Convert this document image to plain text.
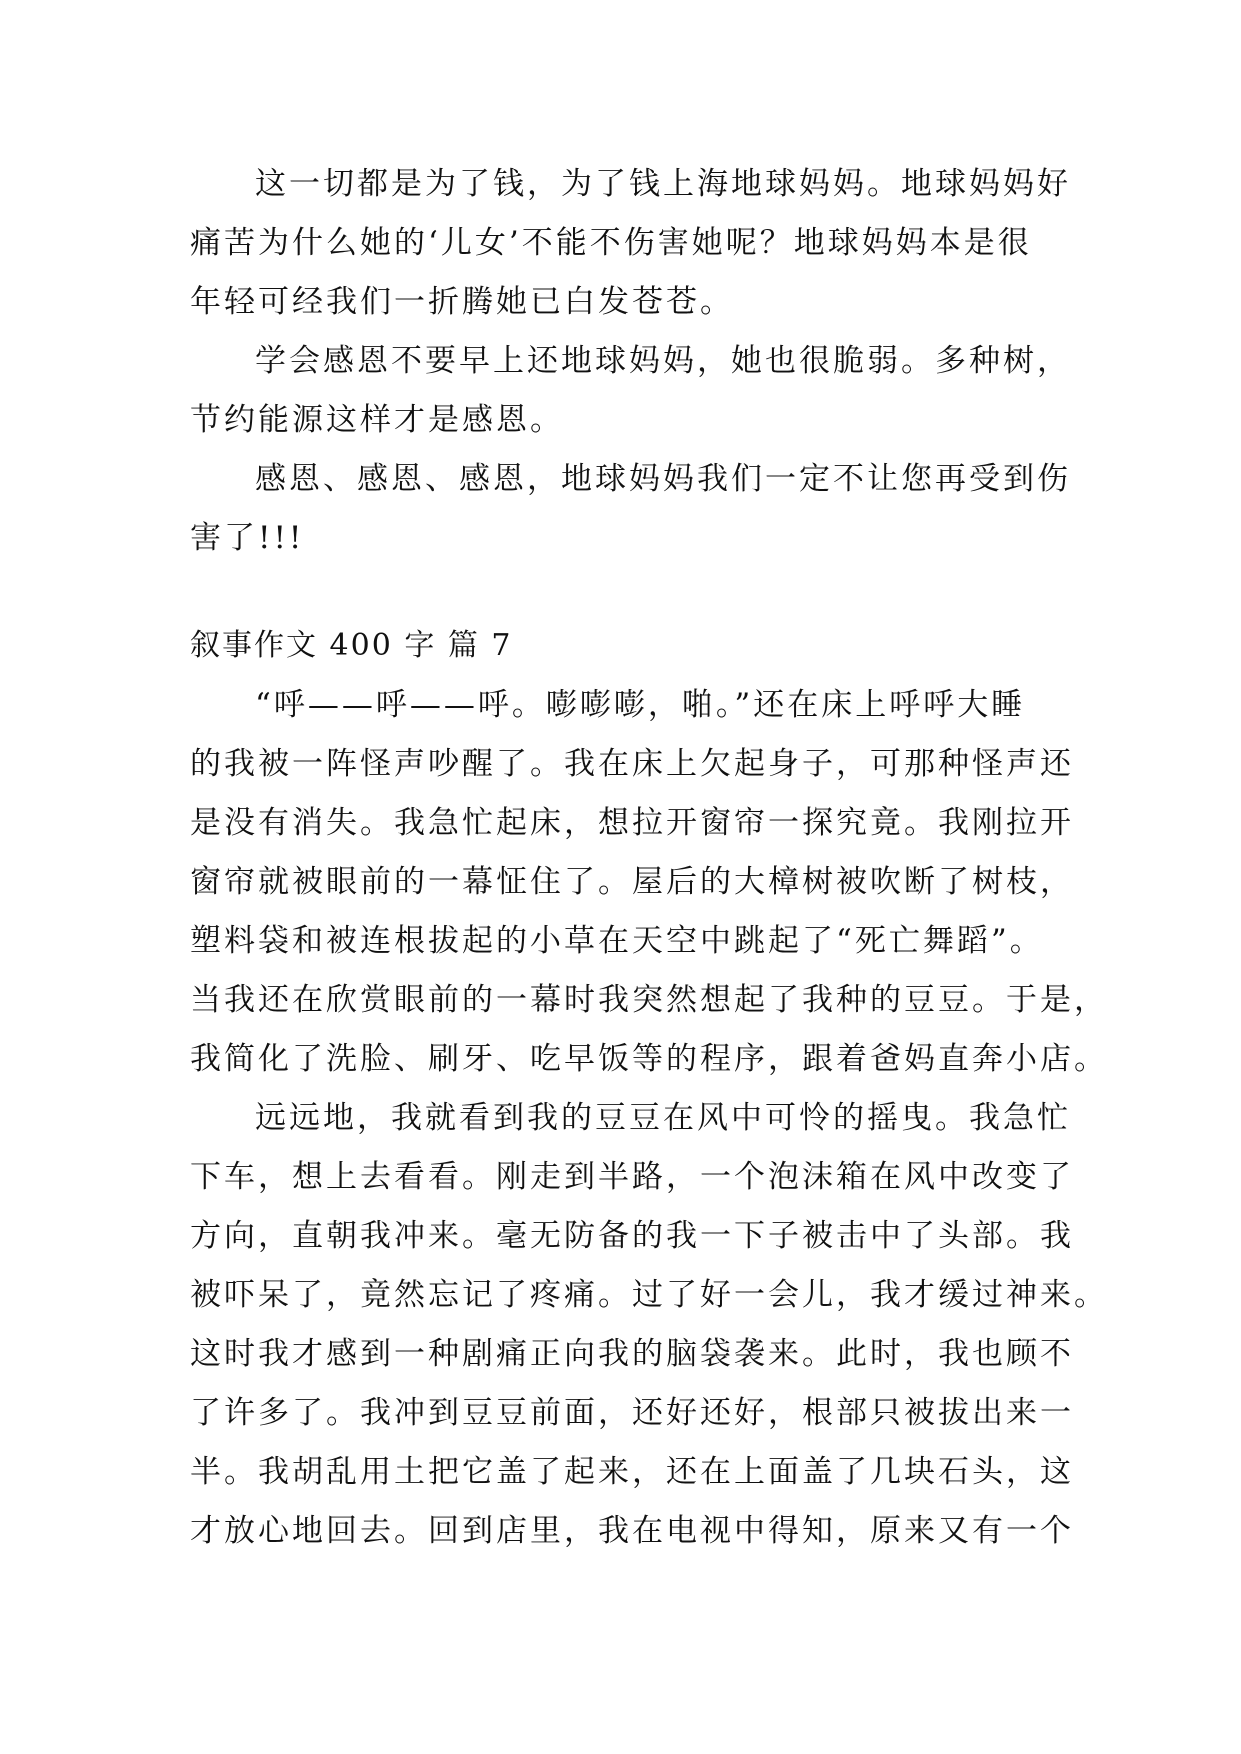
这一切都是为了钱，为了钱上海地球妈妈。地球妈妈好
痛苦为什么她的‘儿女’不能不伤害她呢？地球妈妈本是很
年轻可经我们一折腾她已白发苍苍。
学会感恩不要早上还地球妈妈，她也很脆弱。多种树，
节约能源这样才是感恩。
感恩、感恩、感恩，地球妈妈我们一定不让您再受到伤
害了!!!
叙事作文 400 字 篇 7
“呼——呼——呼。嘭嘭嘭，啪。”还在床上呼呼大睡
的我被一阵怪声吵醒了。我在床上欠起身子，可那种怪声还
是没有消失。我急忙起床，想拉开窗帘一探究竟。我刚拉开
窗帘就被眼前的一幕怔住了。屋后的大樟树被吹断了树枝，
塑料袋和被连根拔起的小草在天空中跳起了“死亡舞蹈”。
当我还在欣赏眼前的一幕时我突然想起了我种的豆豆。于是，
我简化了洗脸、刷牙、吃早饭等的程序，跟着爸妈直奔小店。
远远地，我就看到我的豆豆在风中可怜的摇曳。我急忙
下车，想上去看看。刚走到半路，一个泡沫箱在风中改变了
方向，直朝我冲来。毫无防备的我一下子被击中了头部。我
被吓呆了，竟然忘记了疼痛。过了好一会儿，我才缓过神来。
这时我才感到一种剧痛正向我的脑袋袭来。此时，我也顾不
了许多了。我冲到豆豆前面，还好还好，根部只被拔出来一
半。我胡乱用土把它盖了起来，还在上面盖了几块石头，这
才放心地回去。回到店里，我在电视中得知，原来又有一个
